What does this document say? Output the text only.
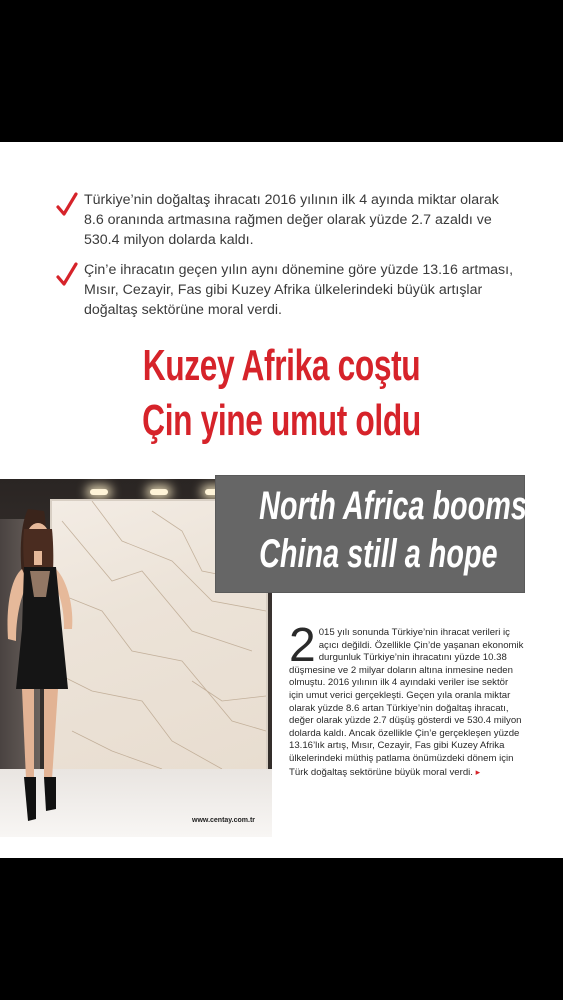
Türkiye’nin doğaltaş ihracatı 2016 yılının ilk 4 ayında miktar olarak 8.6 oranında artmasına rağmen değer olarak yüzde 2.7 azaldı ve 530.4 milyon dolarda kaldı.
Çin’e ihracatın geçen yılın aynı dönemine göre yüzde 13.16 artması, Mısır, Cezayir, Fas gibi Kuzey Afrika ülkelerindeki büyük artışlar doğaltaş sektörüne moral verdi.
Kuzey Afrika coştu
Çin yine umut oldu
www.centay.com.tr
North Africa booms
China still a hope
2 015 yılı sonunda Türkiye’nin ihracat verileri iç açıcı değildi. Özellikle Çin’de yaşanan ekonomik durgunluk Türkiye’nin ihracatını yüzde 10.38 düşmesine ve 2 milyar doların altına inmesine neden olmuştu. 2016 yılının ilk 4 ayındaki veriler ise sektör için umut verici gerçekleşti. Geçen yıla oranla miktar olarak yüzde 8.6 artan Türkiye’nin doğaltaş ihracatı, değer olarak yüzde 2.7 düşüş gösterdi ve 530.4 milyon dolarda kaldı. Ancak özellikle Çin’e gerçekleşen yüzde 13.16’lık artış, Mısır, Cezayir, Fas gibi Kuzey Afrika ülkelerindeki müthiş patlama önümüzdeki dönem için Türk doğaltaş sektörüne büyük moral verdi. ▸
